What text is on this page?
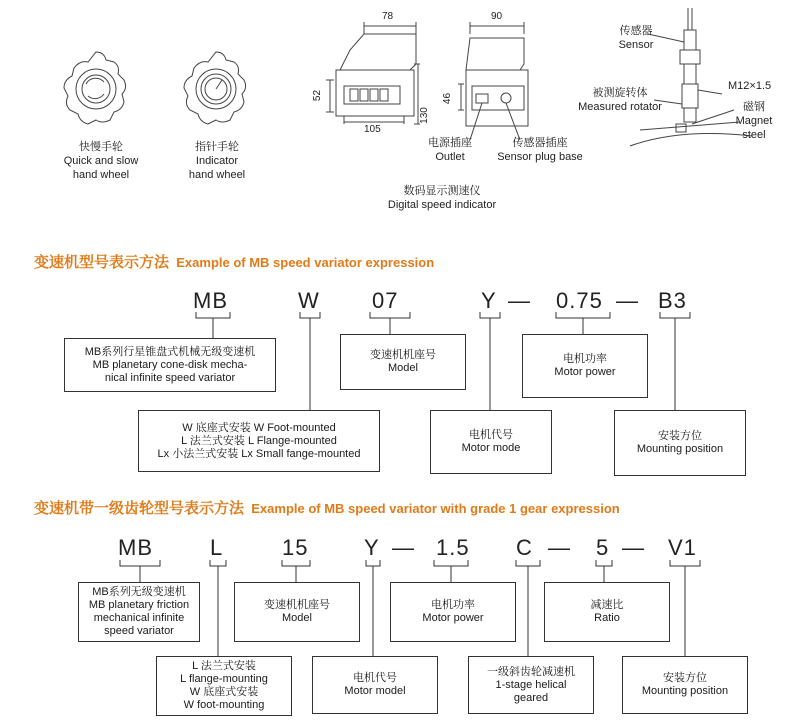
快慢手轮
Quick and slow
hand wheel
指针手轮
Indicator
hand wheel
78	90
52	46
105
130
电源插座
Outlet
传感器插座
Sensor plug base
数码显示测速仪
Digital speed indicator
传感器
Sensor
M12×1.5
被测旋转体
Measured rotator	磁钢
Magnet
steel
变速机型号表示方法 Example of MB speed variator expression
MB	W 07	Y — 0.75 — B3
MB系列行星锥盘式机械无级变速机
MB planetary cone-disk mecha-
nical infinite speed variator
变速机机座号
Model
电机功率
Motor power
W 底座式安装 W Foot-mounted
L 法兰式安装 L Flange-mounted
Lx 小法兰式安装 Lx Small fange-mounted
电机代号
Motor mode
安装方位
Mounting position
变速机带一级齿轮型号表示方法 Example of MB speed variator with grade 1 gear expression
MB	L	15	Y — 1.5 C — 5 — V1
MB系列无级变速机
MB planetary friction
mechanical infinite
speed variator
变速机机座号
Model
电机功率
Motor power
减速比
Ratio
L 法兰式安装
L flange-mounting
W 底座式安装
W foot-mounting
电机代号
Motor model
一级斜齿轮减速机
1-stage helical
geared
安装方位
Mounting position
